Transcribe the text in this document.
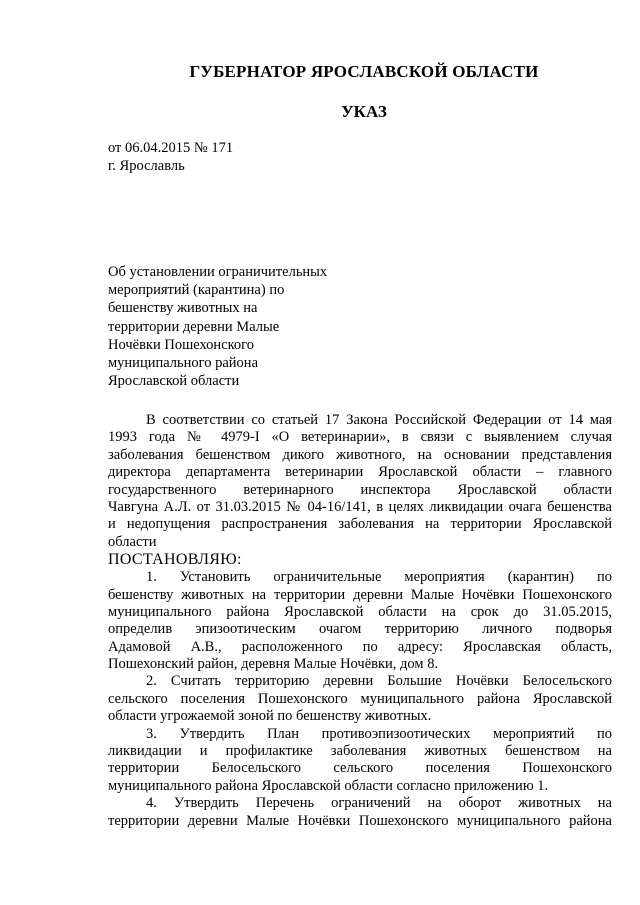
ГУБЕРНАТОР ЯРОСЛАВСКОЙ ОБЛАСТИ
УКАЗ
от 06.04.2015 № 171
г. Ярославль
Об установлении ограничительных
мероприятий (карантина) по
бешенству животных на
территории деревни Малые
Ночёвки Пошехонского
муниципального района
Ярославской области
В соответствии со статьей 17 Закона Российской Федерации от 14 мая
1993 года № 4979-I «О ветеринарии», в связи с выявлением случая
заболевания бешенством дикого животного, на основании представления
директора департамента ветеринарии Ярославской области – главного
государственного ветеринарного инспектора Ярославской области
Чавгуна А.Л. от 31.03.2015 № 04-16/141, в целях ликвидации очага бешенства
и недопущения распространения заболевания на территории Ярославской
области
ПОСТАНОВЛЯЮ:
1. Установить ограничительные мероприятия (карантин) по
бешенству животных на территории деревни Малые Ночёвки Пошехонского
муниципального района Ярославской области на срок до 31.05.2015,
определив эпизоотическим очагом территорию личного подворья
Адамовой А.В., расположенного по адресу: Ярославская область,
Пошехонский район, деревня Малые Ночёвки, дом 8.
2. Считать территорию деревни Большие Ночёвки Белосельского
сельского поселения Пошехонского муниципального района Ярославской
области угрожаемой зоной по бешенству животных.
3. Утвердить План противоэпизоотических мероприятий по
ликвидации и профилактике заболевания животных бешенством на
территории Белосельского сельского поселения Пошехонского
муниципального района Ярославской области согласно приложению 1.
4. Утвердить Перечень ограничений на оборот животных на
территории деревни Малые Ночёвки Пошехонского муниципального района
